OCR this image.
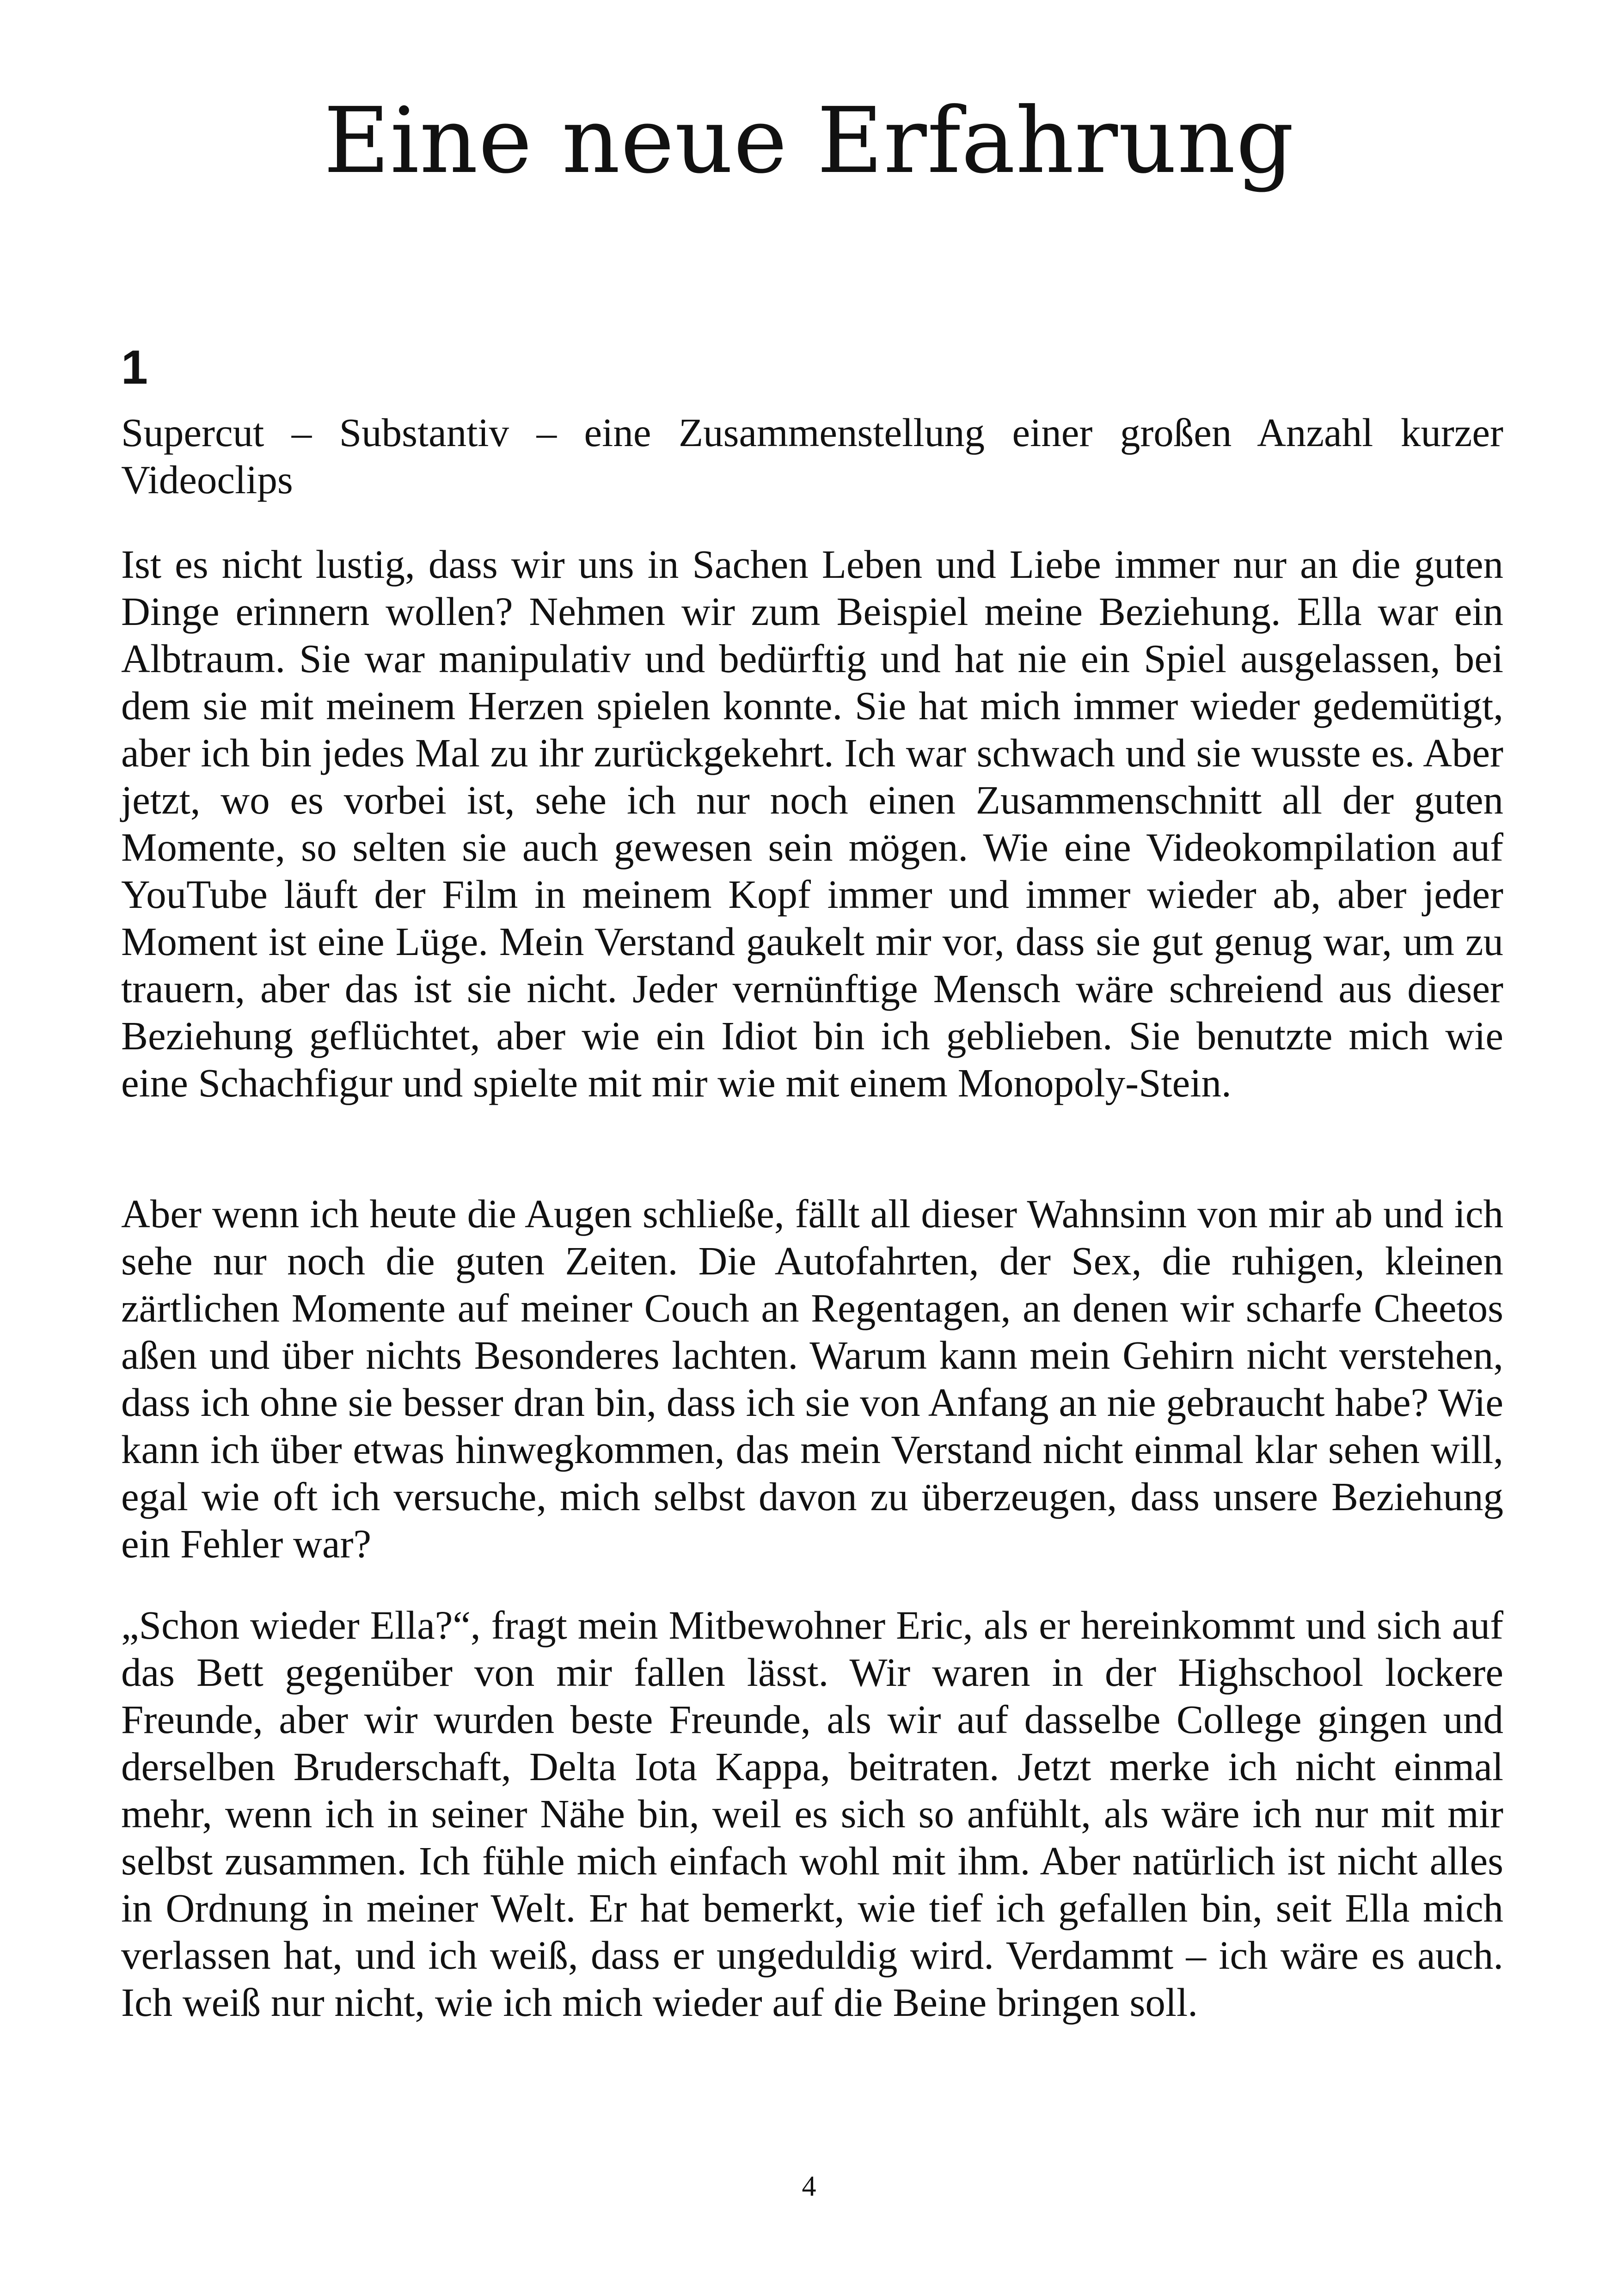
Eine neue Erfahrung
1

Supercut – Substantiv – eine Zusammenstellung einer großen Anzahl kurzer Videoclips

Ist es nicht lustig, dass wir uns in Sachen Leben und Liebe immer nur an die guten Dinge erinnern wollen? Nehmen wir zum Beispiel meine Beziehung. Ella war ein Albtraum. Sie war manipulativ und bedürftig und hat nie ein Spiel ausgelassen, bei dem sie mit meinem Herzen spielen konnte. Sie hat mich immer wieder gedemütigt, aber ich bin jedes Mal zu ihr zurückgekehrt. Ich war schwach und sie wusste es. Aber jetzt, wo es vorbei ist, sehe ich nur noch einen Zusammenschnitt all der guten Momente, so selten sie auch gewesen sein mögen. Wie eine Videokompilation auf YouTube läuft der Film in meinem Kopf immer und immer wieder ab, aber jeder Moment ist eine Lüge. Mein Verstand gaukelt mir vor, dass sie gut genug war, um zu trauern, aber das ist sie nicht. Jeder vernünftige Mensch wäre schreiend aus dieser Beziehung geflüchtet, aber wie ein Idiot bin ich geblieben. Sie benutzte mich wie eine Schachfigur und spielte mit mir wie mit einem Monopoly-Stein.

Aber wenn ich heute die Augen schließe, fällt all dieser Wahnsinn von mir ab und ich sehe nur noch die guten Zeiten. Die Autofahrten, der Sex, die ruhigen, kleinen zärtlichen Momente auf meiner Couch an Regentagen, an denen wir scharfe Cheetos aßen und über nichts Besonderes lachten. Warum kann mein Gehirn nicht verstehen, dass ich ohne sie besser dran bin, dass ich sie von Anfang an nie gebraucht habe? Wie kann ich über etwas hinwegkommen, das mein Verstand nicht einmal klar sehen will, egal wie oft ich versuche, mich selbst davon zu überzeugen, dass unsere Beziehung ein Fehler war?

„Schon wieder Ella?“, fragt mein Mitbewohner Eric, als er hereinkommt und sich auf das Bett gegenüber von mir fallen lässt. Wir waren in der Highschool lockere Freunde, aber wir wurden beste Freunde, als wir auf dasselbe College gingen und derselben Bruderschaft, Delta Iota Kappa, beitraten. Jetzt merke ich nicht einmal mehr, wenn ich in seiner Nähe bin, weil es sich so anfühlt, als wäre ich nur mit mir selbst zusammen. Ich fühle mich einfach wohl mit ihm. Aber natürlich ist nicht alles in Ordnung in meiner Welt. Er hat bemerkt, wie tief ich gefallen bin, seit Ella mich verlassen hat, und ich weiß, dass er ungeduldig wird. Verdammt – ich wäre es auch. Ich weiß nur nicht, wie ich mich wieder auf die Beine bringen soll.

4
